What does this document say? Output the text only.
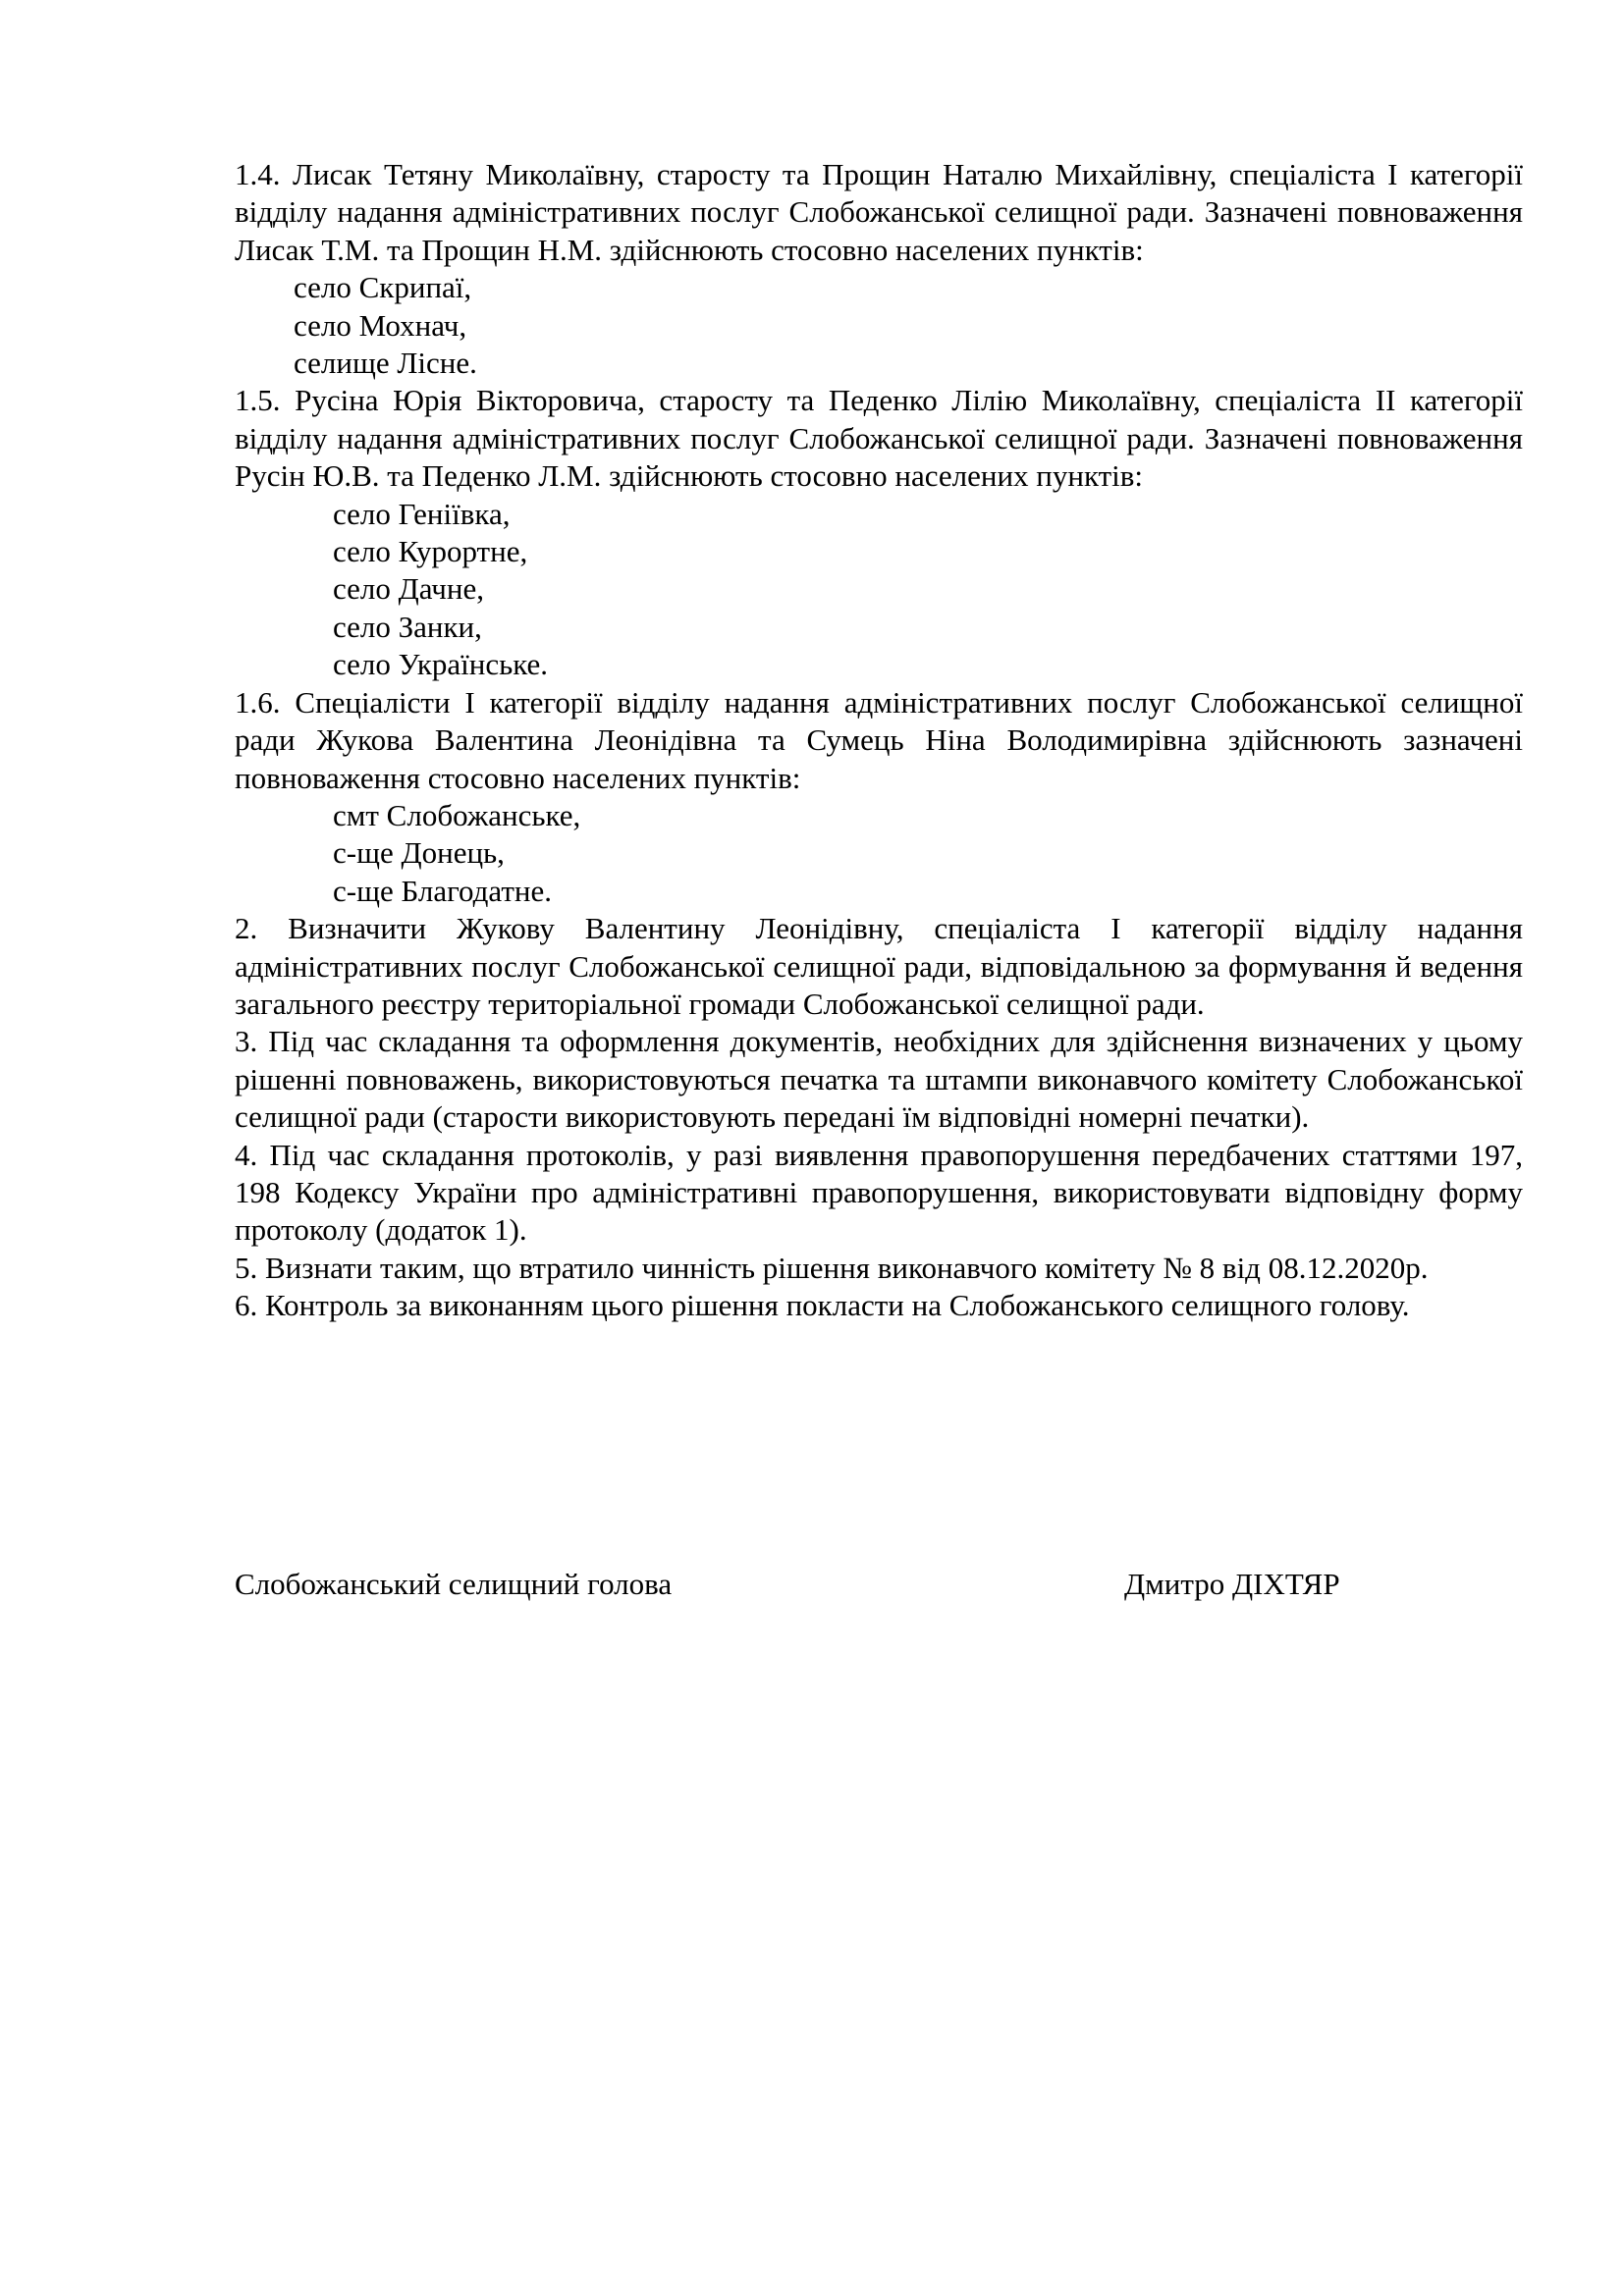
1.4. Лисак Тетяну Миколаївну, старосту та Прощин Наталю Михайлівну, спеціаліста І категорії відділу надання адміністративних послуг Слобожанської селищної ради. Зазначені повноваження Лисак Т.М. та Прощин Н.М. здійснюють стосовно населених пунктів:

село Скрипаї,

село Мохнач,

селище Лісне.

1.5. Русіна Юрія Вікторовича, старосту та Педенко Лілію Миколаївну, спеціаліста ІІ категорії відділу надання адміністративних послуг Слобожанської селищної ради. Зазначені повноваження Русін Ю.В. та Педенко Л.М. здійснюють стосовно населених пунктів:

село Геніївка,

село Курортне,

село Дачне,

село Занки,

село Українське.

1.6. Спеціалісти І категорії відділу надання адміністративних послуг Слобожанської селищної ради Жукова Валентина Леонідівна та Сумець Ніна Володимирівна здійснюють зазначені повноваження стосовно населених пунктів:

смт Слобожанське,

с-ще Донець,

с-ще Благодатне.

2. Визначити Жукову Валентину Леонідівну, спеціаліста І категорії відділу надання адміністративних послуг Слобожанської селищної ради, відповідальною за формування й ведення загального реєстру територіальної громади Слобожанської селищної ради.

3. Під час складання та оформлення документів, необхідних для здійснення визначених у цьому рішенні повноважень, використовуються печатка та штампи виконавчого комітету Слобожанської селищної ради (старости використовують передані їм відповідні номерні печатки).

4. Під час складання протоколів, у разі виявлення правопорушення передбачених статтями 197, 198 Кодексу України про адміністративні правопорушення, використовувати відповідну форму протоколу (додаток 1).

5. Визнати таким, що втратило чинність рішення виконавчого комітету № 8 від 08.12.2020р.

6. Контроль за виконанням цього рішення покласти на Слобожанського селищного голову.

Слобожанський селищний голова	Дмитро ДІХТЯР
